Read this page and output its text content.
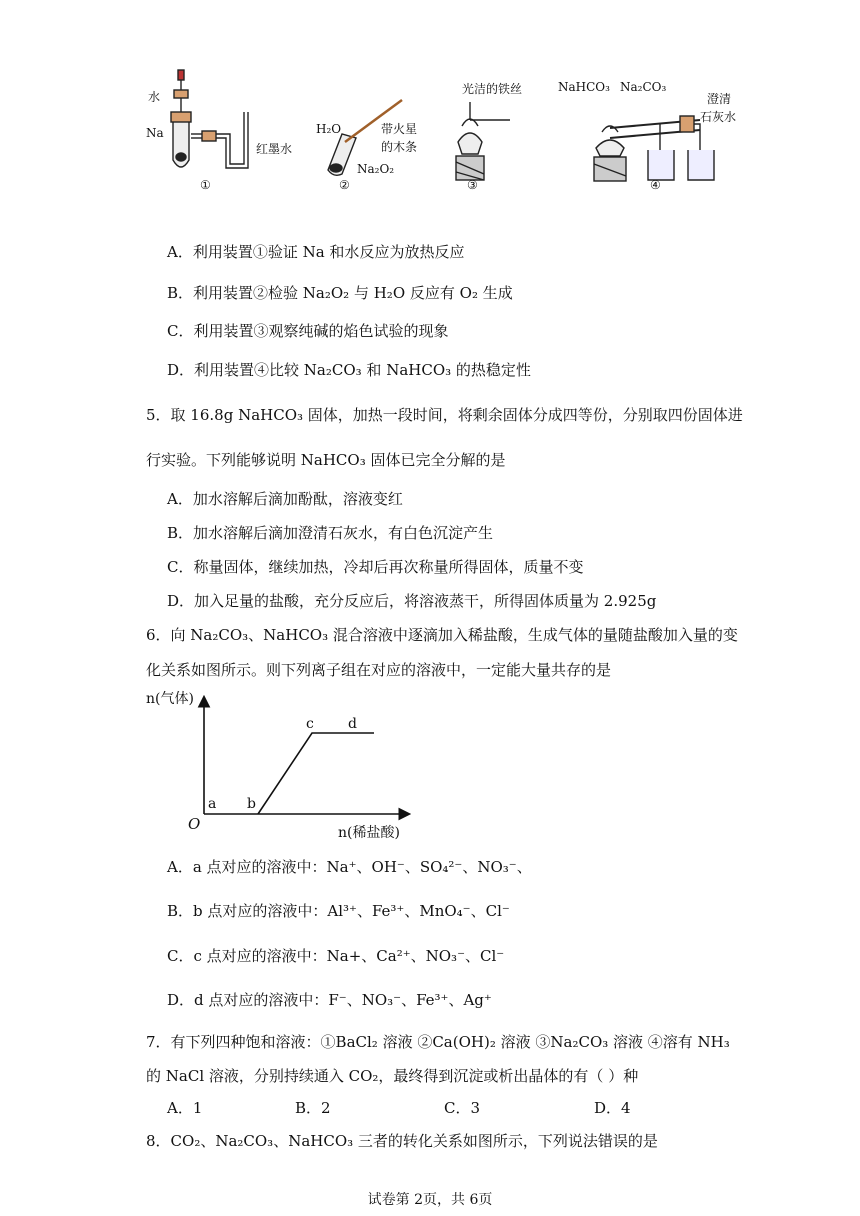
水
Na
红墨水
H₂O
Na₂O₂
带火星
的木条
光洁的铁丝	NaHCO₃ Na₂CO₃
澄清
石灰水
①	②	③	④
A．利用装置①验证 Na 和水反应为放热反应
B．利用装置②检验 Na₂O₂ 与 H₂O 反应有 O₂ 生成
C．利用装置③观察纯碱的焰色试验的现象
D．利用装置④比较 Na₂CO₃ 和 NaHCO₃ 的热稳定性
5．取 16.8g NaHCO₃ 固体，加热一段时间，将剩余固体分成四等份，分别取四份固体进
行实验。下列能够说明 NaHCO₃ 固体已完全分解的是
A．加水溶解后滴加酚酞，溶液变红
B．加水溶解后滴加澄清石灰水，有白色沉淀产生
C．称量固体，继续加热，冷却后再次称量所得固体，质量不变
D．加入足量的盐酸，充分反应后，将溶液蒸干，所得固体质量为 2.925g
6．向 Na₂CO₃、NaHCO₃ 混合溶液中逐滴加入稀盐酸，生成气体的量随盐酸加入量的变
化关系如图所示。则下列离子组在对应的溶液中，一定能大量共存的是
n(气体)
n(稀盐酸)
O
a b
c d
A．a 点对应的溶液中：Na⁺、OH⁻、SO₄²⁻、NO₃⁻、
B．b 点对应的溶液中：Al³⁺、Fe³⁺、MnO₄⁻、Cl⁻
C．c 点对应的溶液中：Na+、Ca²⁺、NO₃⁻、Cl⁻
D．d 点对应的溶液中：F⁻、NO₃⁻、Fe³⁺、Ag⁺
7．有下列四种饱和溶液：①BaCl₂ 溶液 ②Ca(OH)₂ 溶液 ③Na₂CO₃ 溶液 ④溶有 NH₃
的 NaCl 溶液，分别持续通入 CO₂，最终得到沉淀或析出晶体的有（ ）种
A．1	B．2	C．3	D．4
8．CO₂、Na₂CO₃、NaHCO₃ 三者的转化关系如图所示，下列说法错误的是
试卷第 2页，共 6页
